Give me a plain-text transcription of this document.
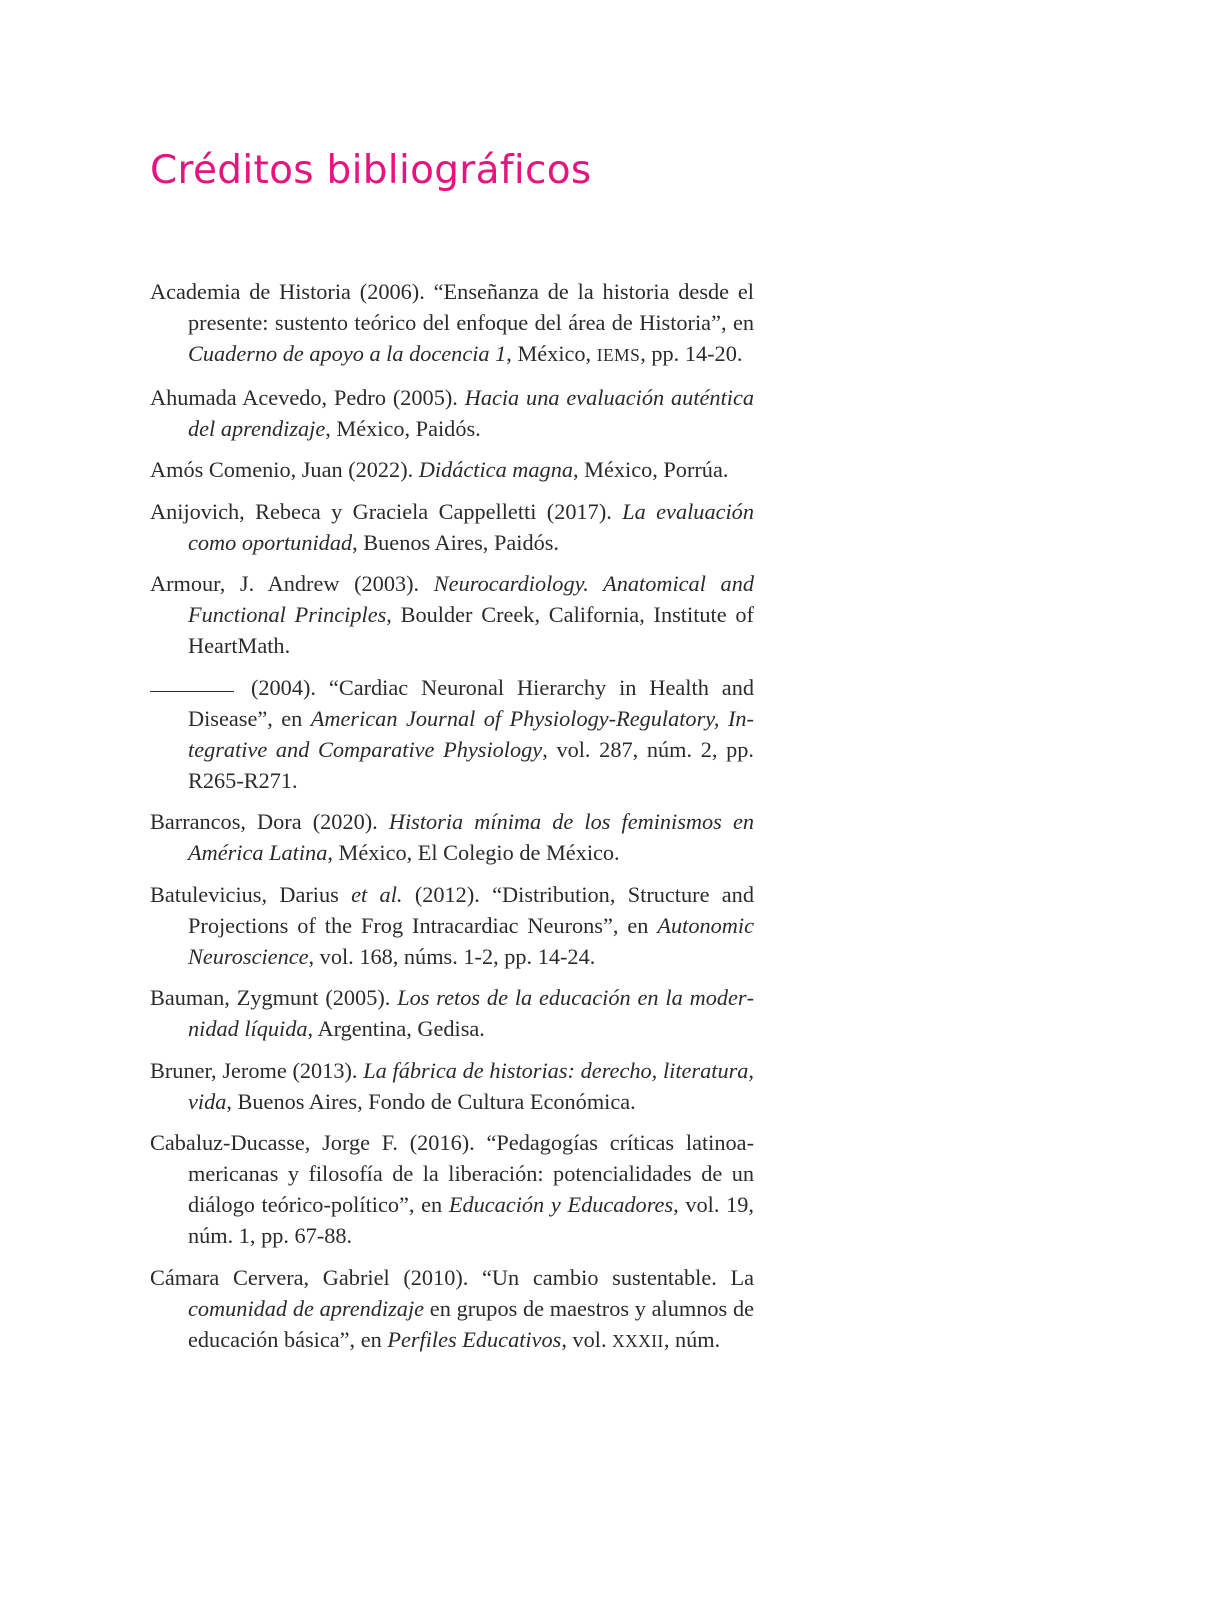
Créditos bibliográficos
Academia de Historia (2006). “Enseñanza de la historia desde el presente: sustento teórico del enfoque del área de Historia”, en Cuaderno de apoyo a la docencia 1, México, IEMS, pp. 14-20.
Ahumada Acevedo, Pedro (2005). Hacia una evaluación auténtica del aprendizaje, México, Paidós.
Amós Comenio, Juan (2022). Didáctica magna, México, Porrúa.
Anijovich, Rebeca y Graciela Cappelletti (2017). La evaluación como oportunidad, Buenos Aires, Paidós.
Armour, J. Andrew (2003). Neurocardiology. Anatomical and Functional Principles, Boulder Creek, California, Institute of HeartMath.
(2004). “Cardiac Neuronal Hierarchy in Health and Disease”, en American Journal of Physiology-Regulatory, Integrative and Comparative Physiology, vol. 287, núm. 2, pp. R265-R271.
Barrancos, Dora (2020). Historia mínima de los feminismos en América Latina, México, El Colegio de México.
Batulevicius, Darius et al. (2012). “Distribution, Structure and Projections of the Frog Intracardiac Neurons”, en Autonomic Neuroscience, vol. 168, núms. 1-2, pp. 14-24.
Bauman, Zygmunt (2005). Los retos de la educación en la modernidad líquida, Argentina, Gedisa.
Bruner, Jerome (2013). La fábrica de historias: derecho, literatura, vida, Buenos Aires, Fondo de Cultura Económica.
Cabaluz-Ducasse, Jorge F. (2016). “Pedagogías críticas latinoamericanas y filosofía de la liberación: potencialidades de un diálogo teórico-político”, en Educación y Educadores, vol. 19, núm. 1, pp. 67-88.
Cámara Cervera, Gabriel (2010). “Un cambio sustentable. La comunidad de aprendizaje en grupos de maestros y alumnos de educación básica”, en Perfiles Educativos, vol. XXXII, núm.
